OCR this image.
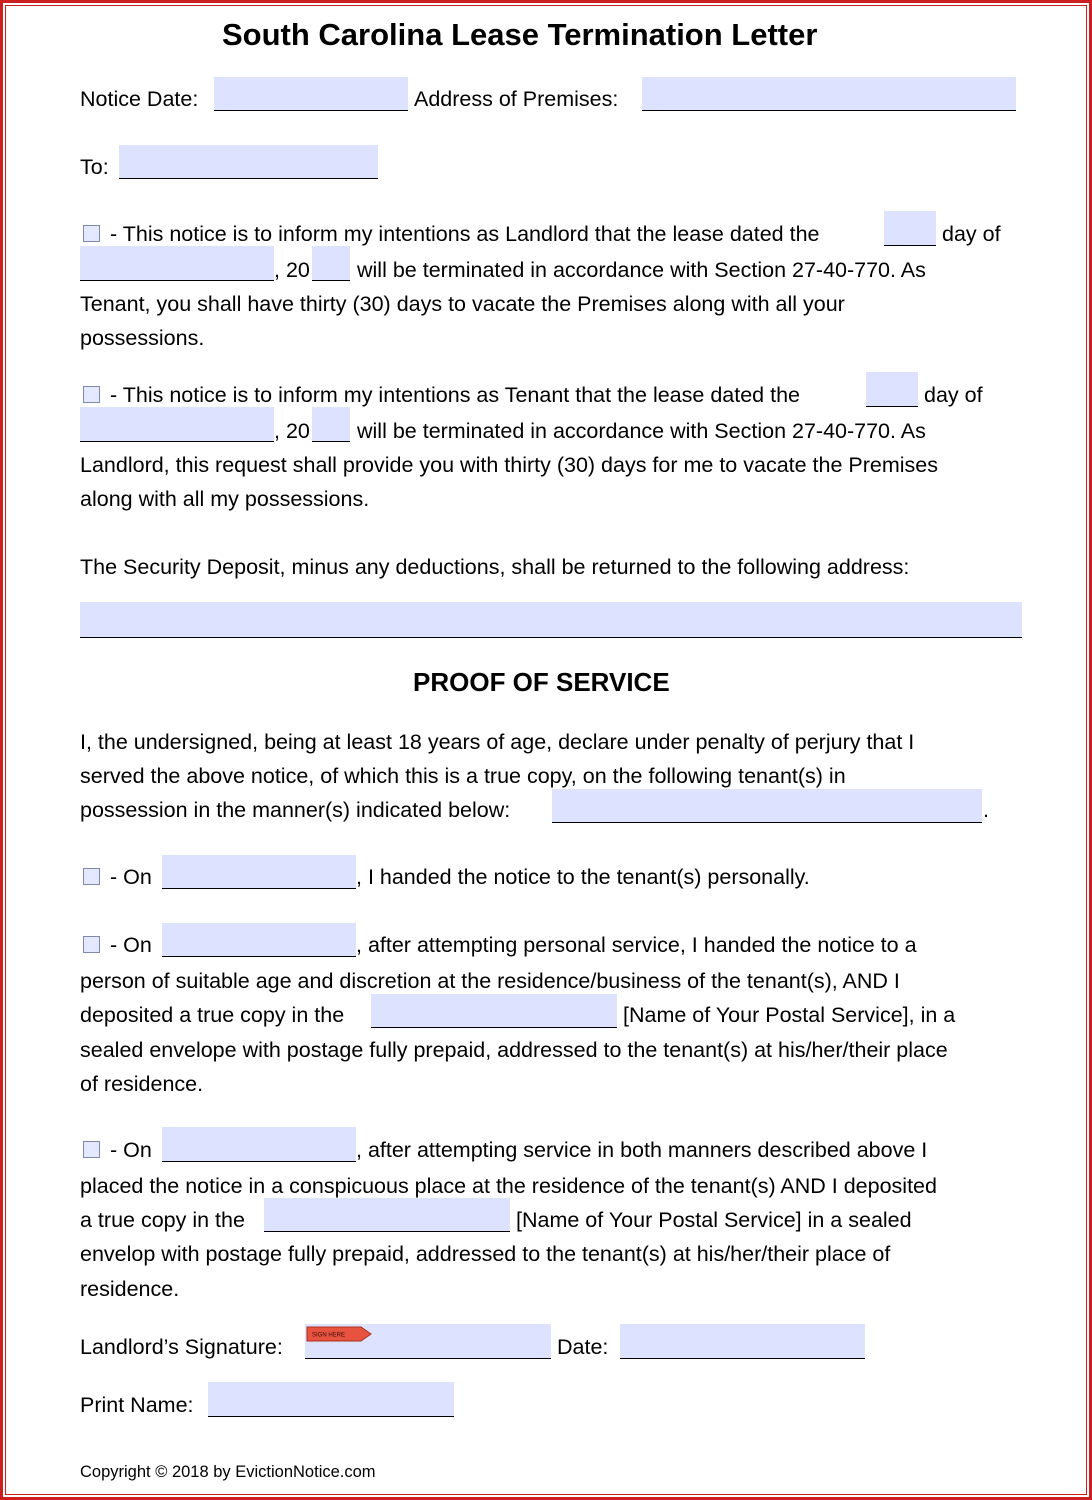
South Carolina Lease Termination Letter
Notice Date:	Address of Premises:
To:
- This notice is to inform my intentions as Landlord that the lease dated the	day of
, 20 will be terminated in accordance with Section 27-40-770. As
Tenant, you shall have thirty (30) days to vacate the Premises along with all your
possessions.
- This notice is to inform my intentions as Tenant that the lease dated the	day of
, 20 will be terminated in accordance with Section 27-40-770. As
Landlord, this request shall provide you with thirty (30) days for me to vacate the Premises
along with all my possessions.
The Security Deposit, minus any deductions, shall be returned to the following address:
PROOF OF SERVICE
I, the undersigned, being at least 18 years of age, declare under penalty of perjury that I
served the above notice, of which this is a true copy, on the following tenant(s) in
possession in the manner(s) indicated below:	.
- On	, I handed the notice to the tenant(s) personally.
- On	, after attempting personal service, I handed the notice to a
person of suitable age and discretion at the residence/business of the tenant(s), AND I
deposited a true copy in the	[Name of Your Postal Service], in a
sealed envelope with postage fully prepaid, addressed to the tenant(s) at his/her/their place
of residence.
- On	, after attempting service in both manners described above I
placed the notice in a conspicuous place at the residence of the tenant(s) AND I deposited
a true copy in the	[Name of Your Postal Service] in a sealed
envelop with postage fully prepaid, addressed to the tenant(s) at his/her/their place of
residence.
Landlord’s Signature:	SIGN HERE	Date:
Print Name:
Copyright © 2018 by EvictionNotice.com
